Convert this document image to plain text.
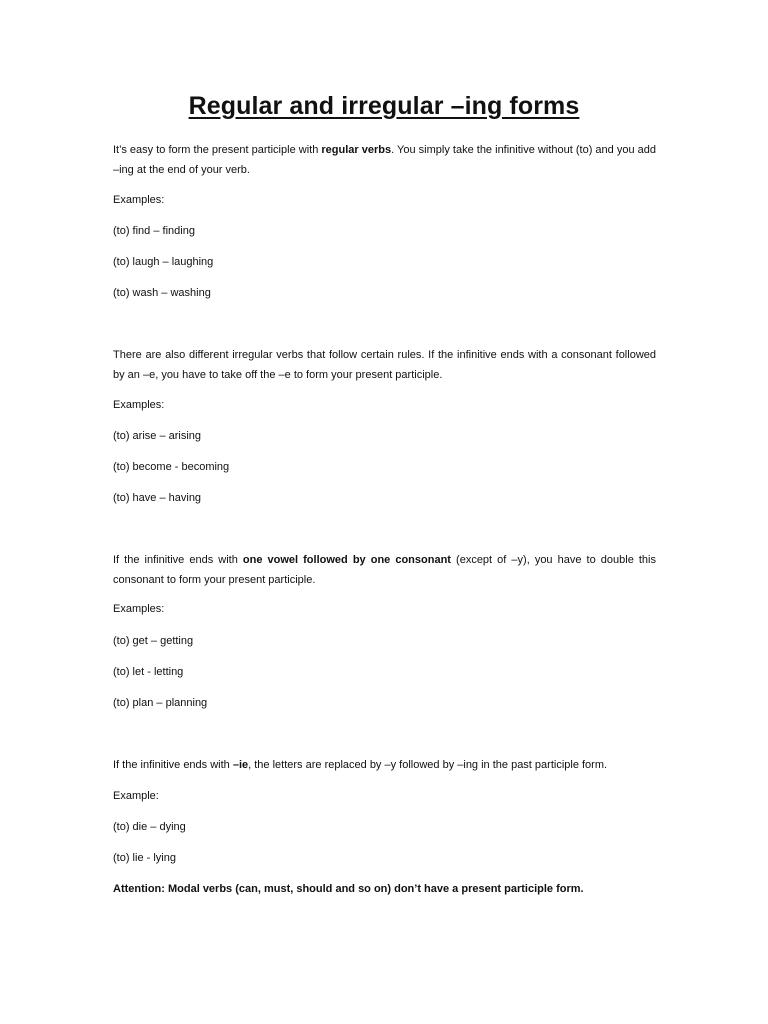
Regular and irregular –ing forms

It’s easy to form the present participle with regular verbs. You simply take the infinitive without (to) and you add –ing at the end of your verb.

Examples:

(to) find – finding

(to) laugh – laughing

(to) wash – washing

There are also different irregular verbs that follow certain rules. If the infinitive ends with a consonant followed by an –e, you have to take off the –e to form your present participle.

Examples:

(to) arise – arising

(to) become - becoming

(to) have – having

If the infinitive ends with one vowel followed by one consonant (except of –y), you have to double this consonant to form your present participle.

Examples:

(to) get – getting

(to) let - letting

(to) plan – planning

If the infinitive ends with –ie, the letters are replaced by –y followed by –ing in the past participle form.

Example:

(to) die – dying

(to) lie - lying

Attention: Modal verbs (can, must, should and so on) don’t have a present participle form.
